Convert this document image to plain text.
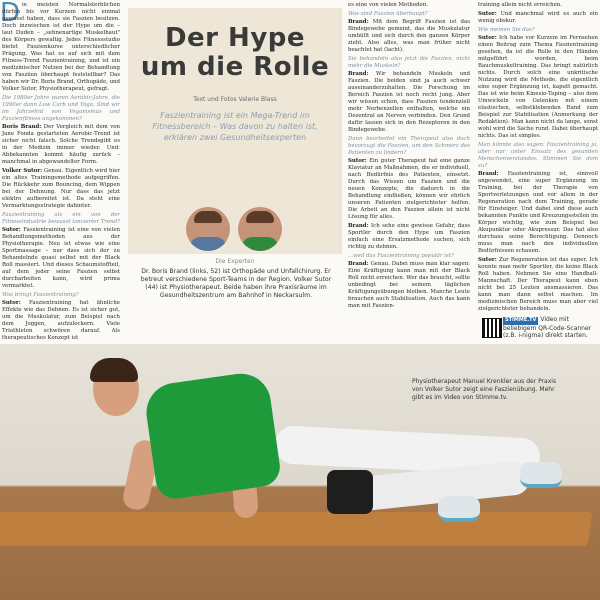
D ie meisten Normalsterblichen dürfen bis vor Kurzem nicht einmal gewusst haben, dass sie Faszien besitzen. Doch inzwischen ist der Hype um die – laut Duden – „sehnenartige Muskelhaut" des Körpers gewaltig. Jedes Fitnessstudio bietet Faszienkurse unterschiedlicher Prägung. Was hat es auf sich mit dem Fitness-Trend Faszientraining, und ist ein medizinischer Nutzen bei der Behandlung von Fasziien überhaupt feststellbar? Das haben wir Dr. Boris Brand, Orthopäde, und Volker Sutor, Physiotherapeut, gefragt.

Die 1980er Jahre waren Aerobic-Jahre, die 1990er dann Low Carb und Yoga. Sind wir im Jahrzehnt von Veganismus und Faszienfitness angekommen?

Boris Brand: Der Vergleich mit dem von Jane Fonda gestarteten Aerobic-Trend ist sicher nicht falsch. Solche Trendsgibt es in der Medizin immer wieder. Und: Abbekannten kommt häufig zurück – manchmal in abgewandelter Form.

Volker Sutor: Genau. Eigentlich wird hier ein altes Trainingsmethode aufgegriffen. Die Rückkehr zum Bouncing, dem Wippen bei der Dehnung. Nur dass das jetzt elektro aufbereitet ist. Da steht eine Vermarktungsstrategie dahinter.

Faszientraining als ein von der Fitnessindustrie bewusst lancierter Trend?

Sutor: Faszientraining ist eine von vielen Behandlungsmethoden aus der Physiotherapie. Neu ist etwas wie eine Sportmassage – nur dass sich der zu Behandelnde quasi selbst mit der Black Roll massiert. Und dieses Schaumstoffteil, auf dem jeder seine Faszien selbst durcharbeiten kann, wird prima vermarktet.

Was bringt Faszientraining?

Sutor: Faszientraining hat ähnliche Effekte wie das Dehnen. Es ist sicher gut, um die Muskulatur, zum Beispiel nach dem Joggen, aufzulockern. Viele Triathleten schwören darauf. Als therapeutisches Konzept ist

Der Hype
um die Rolle
Text und Fotos Valerie Blass
Faszientraining ist ein Mega-Trend im Fitnessbereich – Was davon zu halten ist, erklären zwei Gesundheitsexperten
Die Experten
Dr. Boris Brand (links, 52) ist Orthopäde und Unfallchirurg. Er betreut verschiedene Sport-Teams in der Region. Volker Sutor (44) ist Physiotherapeut. Beide haben ihre Praxisräume im Gesundheitszentrum am Bahnhof in Neckarsulm.

es eine von vielen Methoden.

Was sind Faszien überhaupt?

Brand: Mit dem Begriff Faszien ist das Bindegewebe gemeint, das die Muskulatur umhüllt und sich durch den ganzen Körper zieht. Also alles, was man früher nicht beachtet hat (lacht).

Sie behandeln also jetzt die Faszien, nicht mehr die Muskeln?

Brand: Wir behandeln Muskeln und Faszien. Die beiden sind ja auch schwer auseinanderzuhalten. Die Forschung im Bereich Faszien ist noch recht jung. Aber wir wissen schon, dass Faszien tendenziell mehr Nerbenzellen enthalten, welche ein Dezentral an Nerven verbinden. Den Grund dafür lassen sich in den Rezeptoren in den Bindegewebe.

Dann bearbeitet ein Therapeut also doch bevorzugt die Faszien, um den Schmerz des Patienten zu lindern?

Sutor: Ein guter Therapeut hat eine ganze Klaviatur an Maßnahmen, die er individuell, nach Bedürfnis des Patienten, einsetzt. Durch das Wissen um Faszien und die neuen Konzepte, die dadurch in die Behandlung einfließen, können wir ehrlich unseren Patienten zielgerichteter helfen. Die Arbeit an den Faszien allein ist nicht Lösung für alles.

Brand: Ich sehe eine gewisse Gefahr, dass Sportler durch den Hype um Faszien einfach eine Ersatzmethode suchen, sich richtig zu dehnen.

...weil das Faszientraining populär ist?

Brand: Genau. Dabei muss man klar sagen: Eine Kräftigung kann man mit der Black Roll nicht erreichen. Wer das braucht, sollte unbedingt bei seinem täglichen Kräftigungsübungen bleiben. Manche Leute brauchen auch Stabilisation. Auch das kann man mit Faszien-

training allein nicht erreichen.

Sutor: Und manchmal wird es auch ein wenig obskur.

Wie meinen Sie das?

Sutor: Ich habe vor Kurzem im Fernsehen einen Beitrag zum Thema Faszientraining gesehen, da ist die Rolle in den Händen mitgeführt worden, beim Bauchmuskeltraining. Das bringt natürlich nichts. Durch solch eine unkritische Nutzung wird die Methode, die eigentlich eine super Ergänzung ist, kaputt gemacht. Das ist wie beim Kinesio-Taping – also dem Umwickeln von Gelenken mit einem elastischen, selbstklebenden Band zum Beispiel zur Stabilisation (Anmerkung der Redaktion). Man kann nicht da lange, sonst wohl wird die Sache rund. Dabei überhaupt nichts. Das ist simples.

Man könnte also sagen: Faszientraining ja, aber nur unter Einsatz des gesunden Menschenverstandes. Stimmen Sie dem zu?

Brand: Faszientraining ist, sinnvoll angewendet, eine super Ergänzung im Training, bei der Therapie von Sportverletzungen und vor allem in der Regeneration nach dem Training, gerade für Einsteiger. Und dabei sind diese auch bekannten Punkte und Kreuzungsstellen im Körper wichtig, wie zum Beispiel bei Akupunktur oder Akupressur. Das hat also durchaus seine Berechtigung. Dennoch muss man nach den individuellen Bedürfnissen schauen.

Sutor: Zur Regeneration ist das super. Ich konnte man mehr Sportler, die keine Black Roll haben. Nehmen Sie eine Handball-Mannschaft. Der Therapeut kann eben nicht bei 25 Leuten ansmassieren. Das kann man dann selbst machen. Im medizinischen Bereich muss man aber viel zielgerichteter behandeln.

STIMME.TV Video mit beliebigem QR-Code-Scanner (z.B. i-nigma) direkt starten.
Physiotherapeut Manuel Krenkler aus der Praxis von Volker Sutor zeigt eine Faszienübung. Mehr gibt es im Video von Stimme.tv.
